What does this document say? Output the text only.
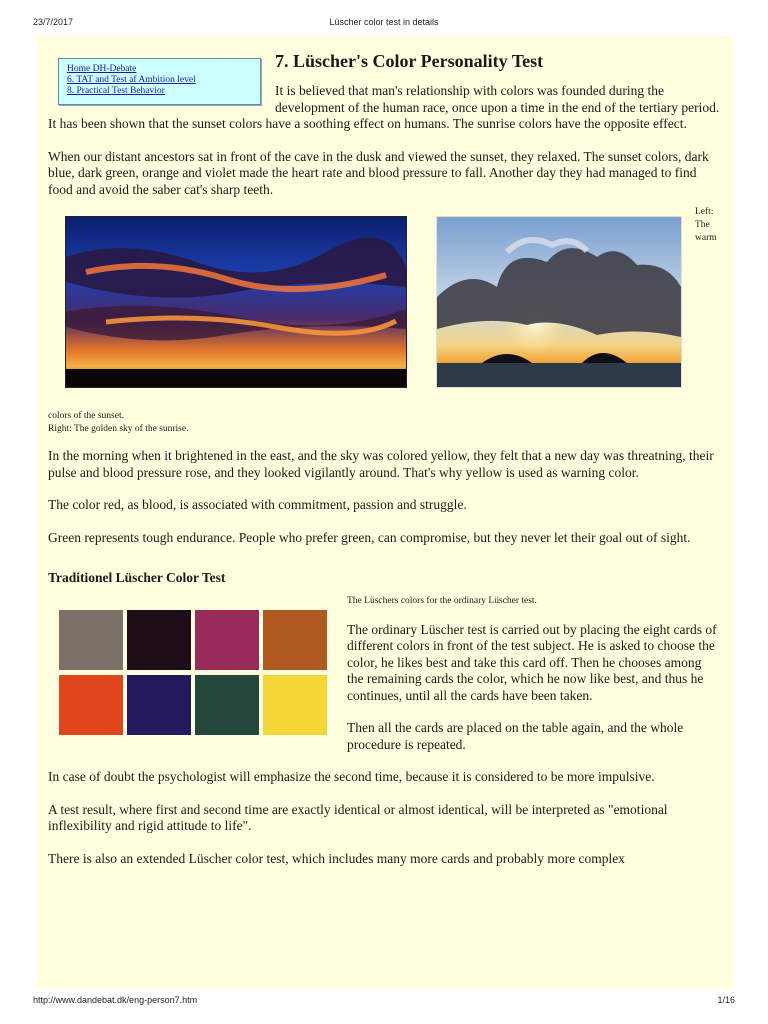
23/7/2017	Lüscher color test in details
Home DH-Debate
6. TAT and Test af Ambition level
8. Practical Test Behavior
7. Lüscher's Color Personality Test

It is believed that man's relationship with colors was founded during the development of the human race, once upon a time in the end of the tertiary period. It has been shown that the sunset colors have a soothing effect on humans. The sunrise colors have the opposite effect.

When our distant ancestors sat in front of the cave in the dusk and viewed the sunset, they relaxed. The sunset colors, dark blue, dark green, orange and violet made the heart rate and blood pressure to fall. Another day they had managed to find food and avoid the saber cat's sharp teeth.

Left:
The
warm
colors of the sunset.
Right: The golden sky of the sunrise.

In the morning when it brightened in the east, and the sky was colored yellow, they felt that a new day was threatning, their pulse and blood pressure rose, and they looked vigilantly around. That's why yellow is used as warning color.

The color red, as blood, is associated with commitment, passion and struggle.

Green represents tough endurance. People who prefer green, can compromise, but they never let their goal out of sight.

Traditionel Lüscher Color Test
The Lüschers colors for the ordinary Lüscher test.

The ordinary Lüscher test is carried out by placing the eight cards of different colors in front of the test subject. He is asked to choose the color, he likes best and take this card off. Then he chooses among the remaining cards the color, which he now like best, and thus he continues, until all the cards have been taken.

Then all the cards are placed on the table again, and the whole procedure is repeated.

In case of doubt the psychologist will emphasize the second time, because it is considered to be more impulsive.

A test result, where first and second time are exactly identical or almost identical, will be interpreted as "emotional inflexibility and rigid attitude to life".

There is also an extended Lüscher color test, which includes many more cards and probably more complex

http://www.dandebat.dk/eng-person7.htm	1/16
